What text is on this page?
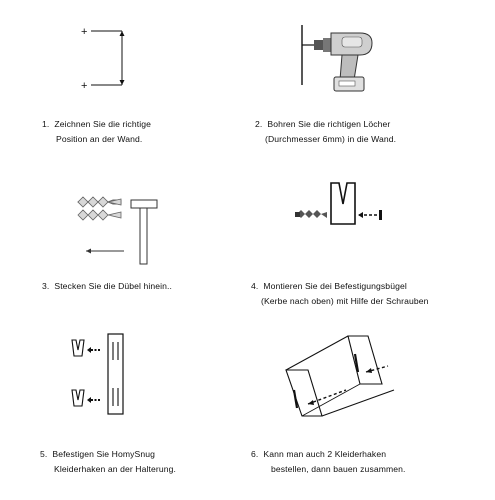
+
+
1. Zeichnen Sie die richtige
Position an der Wand.
2. Bohren Sie die richtigen Löcher
(Durchmesser 6mm) in die Wand.
3. Stecken Sie die Dübel hinein..	4. Montieren Sie dei Befestigungsbügel
(Kerbe nach oben) mit Hilfe der Schrauben
5. Befestigen Sie HomySnug
Kleiderhaken an der Halterung.
6. Kann man auch 2 Kleiderhaken
bestellen, dann bauen zusammen.
